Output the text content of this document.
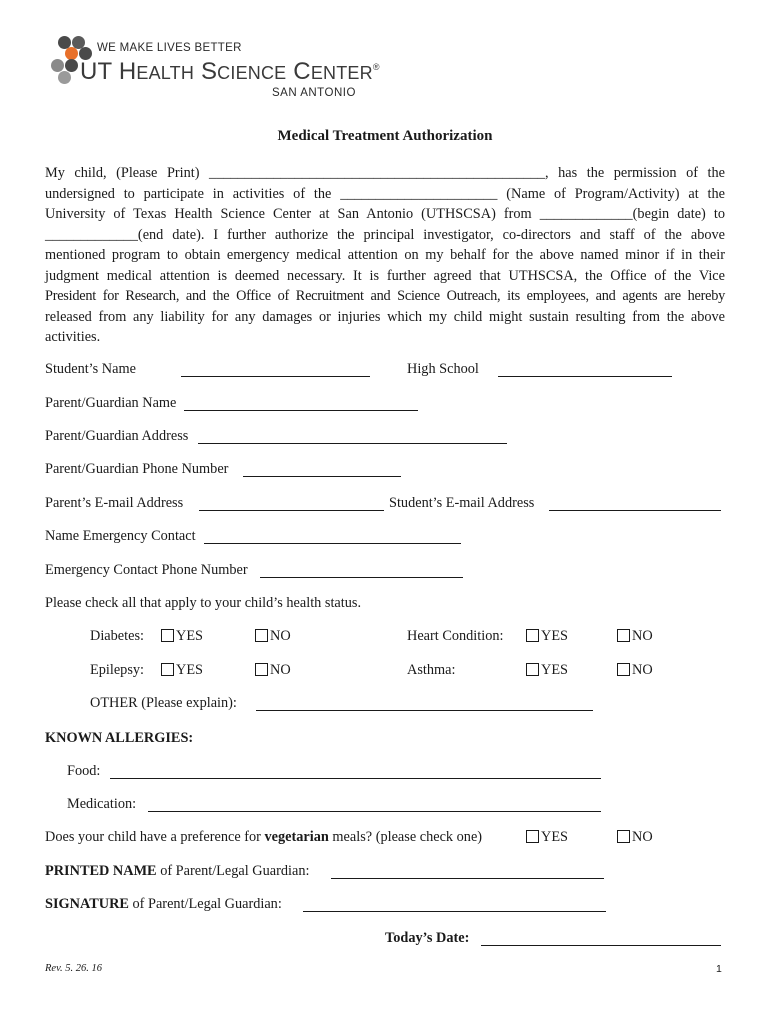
WE MAKE LIVES BETTER
UT HEALTH SCIENCE CENTER®
SAN ANTONIO
Medical Treatment Authorization
My child, (Please Print) _______________________________________________, has the permission of the
undersigned to participate in activities of the ______________________ (Name of Program/Activity) at the
University of Texas Health Science Center at San Antonio (UTHSCSA) from _____________(begin date) to
_____________(end date). I further authorize the principal investigator, co-directors and staff of the above
mentioned program to obtain emergency medical attention on my behalf for the above named minor if in their
judgment medical attention is deemed necessary. It is further agreed that UTHSCSA, the Office of the Vice
President for Research, and the Office of Recruitment and Science Outreach, its employees, and agents are hereby
released from any liability for any damages or injuries which my child might sustain resulting from the above
activities.
Student’s Name	High School
Parent/Guardian Name
Parent/Guardian Address
Parent/Guardian Phone Number
Parent’s E-mail Address	Student’s E-mail Address
Name Emergency Contact
Emergency Contact Phone Number
Please check all that apply to your child’s health status.
Diabetes:	YES	NO	Heart Condition:	YES	NO
Epilepsy:	YES	NO	Asthma:	YES	NO
OTHER (Please explain):
KNOWN ALLERGIES:
Food:
Medication:
Does your child have a preference for vegetarian meals? (please check one)	YES	NO
PRINTED NAME of Parent/Legal Guardian:
SIGNATURE of Parent/Legal Guardian:
Today’s Date:
Rev. 5. 26. 16	1
